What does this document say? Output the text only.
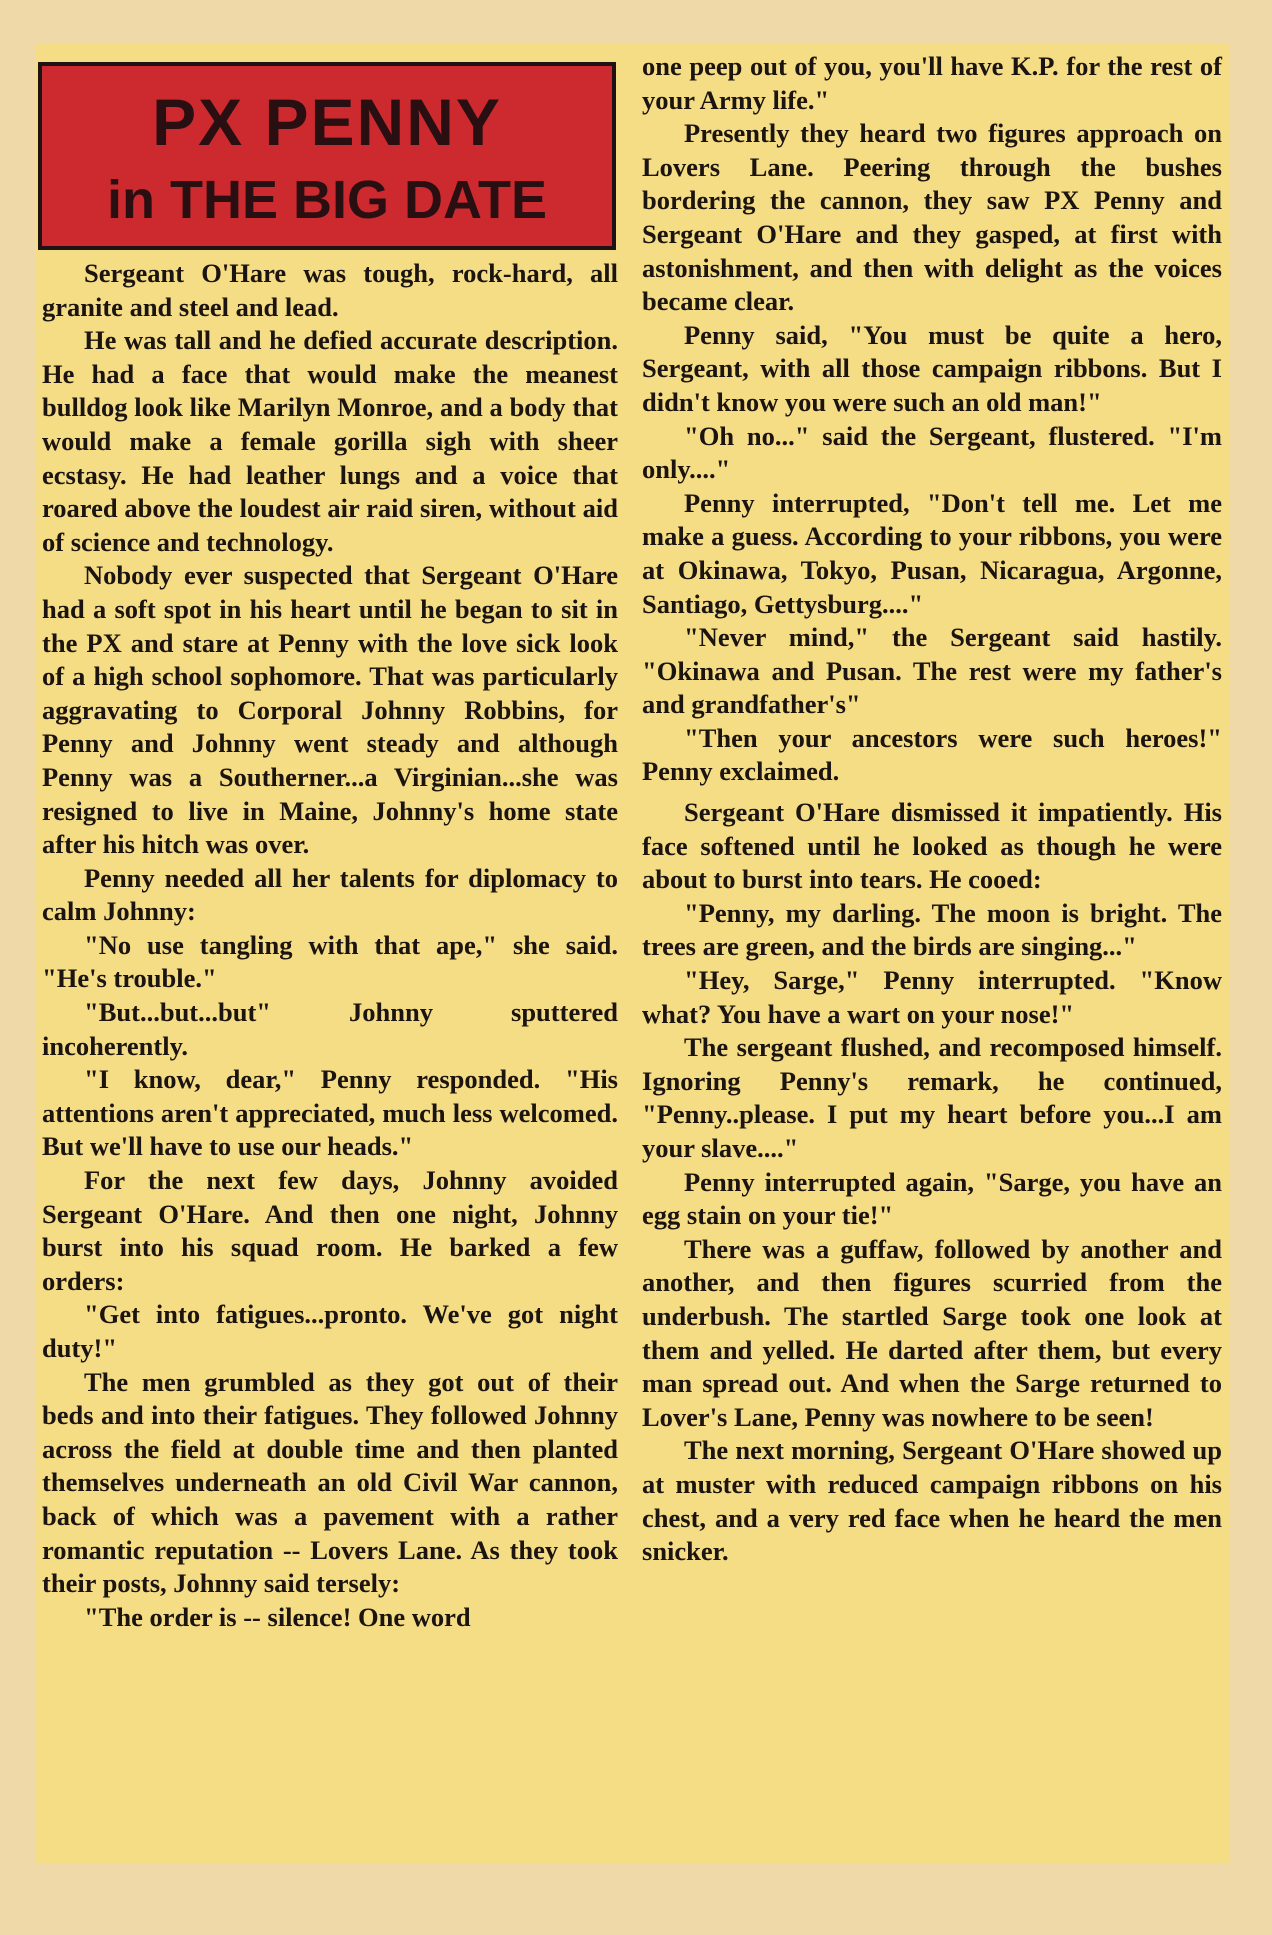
PX PENNY
in THE BIG DATE

Sergeant O'Hare was tough, rock-hard, all granite and steel and lead.

He was tall and he defied accurate description. He had a face that would make the meanest bulldog look like Marilyn Monroe, and a body that would make a female gorilla sigh with sheer ecstasy. He had leather lungs and a voice that roared above the loudest air raid siren, without aid of science and technology.

Nobody ever suspected that Sergeant O'Hare had a soft spot in his heart until he began to sit in the PX and stare at Penny with the love sick look of a high school sophomore. That was particularly aggravating to Corporal Johnny Robbins, for Penny and Johnny went steady and although Penny was a Southerner...a Virginian...she was resigned to live in Maine, Johnny's home state after his hitch was over.

Penny needed all her talents for diplomacy to calm Johnny:

"No use tangling with that ape," she said. "He's trouble."

"But...but...but" Johnny sputtered incoherently.

"I know, dear," Penny responded. "His attentions aren't appreciated, much less welcomed. But we'll have to use our heads."

For the next few days, Johnny avoided Sergeant O'Hare. And then one night, Johnny burst into his squad room. He barked a few orders:

"Get into fatigues...pronto. We've got night duty!"

The men grumbled as they got out of their beds and into their fatigues. They followed Johnny across the field at double time and then planted themselves underneath an old Civil War cannon, back of which was a pavement with a rather romantic reputation -- Lovers Lane. As they took their posts, Johnny said tersely:

"The order is -- silence! One word

one peep out of you, you'll have K.P. for the rest of your Army life."

Presently they heard two figures approach on Lovers Lane. Peering through the bushes bordering the cannon, they saw PX Penny and Sergeant O'Hare and they gasped, at first with astonishment, and then with delight as the voices became clear.

Penny said, "You must be quite a hero, Sergeant, with all those campaign ribbons. But I didn't know you were such an old man!"

"Oh no..." said the Sergeant, flustered. "I'm only...."

Penny interrupted, "Don't tell me. Let me make a guess. According to your ribbons, you were at Okinawa, Tokyo, Pusan, Nicaragua, Argonne, Santiago, Gettysburg...."

"Never mind," the Sergeant said hastily. "Okinawa and Pusan. The rest were my father's and grandfather's"

"Then your ancestors were such heroes!" Penny exclaimed.

Sergeant O'Hare dismissed it impatiently. His face softened until he looked as though he were about to burst into tears. He cooed:

"Penny, my darling. The moon is bright. The trees are green, and the birds are singing..."

"Hey, Sarge," Penny interrupted. "Know what? You have a wart on your nose!"

The sergeant flushed, and recomposed himself. Ignoring Penny's remark, he continued, "Penny..please. I put my heart before you...I am your slave...."

Penny interrupted again, "Sarge, you have an egg stain on your tie!"

There was a guffaw, followed by another and another, and then figures scurried from the underbush. The startled Sarge took one look at them and yelled. He darted after them, but every man spread out. And when the Sarge returned to Lover's Lane, Penny was nowhere to be seen!

The next morning, Sergeant O'Hare showed up at muster with reduced campaign ribbons on his chest, and a very red face when he heard the men snicker.
